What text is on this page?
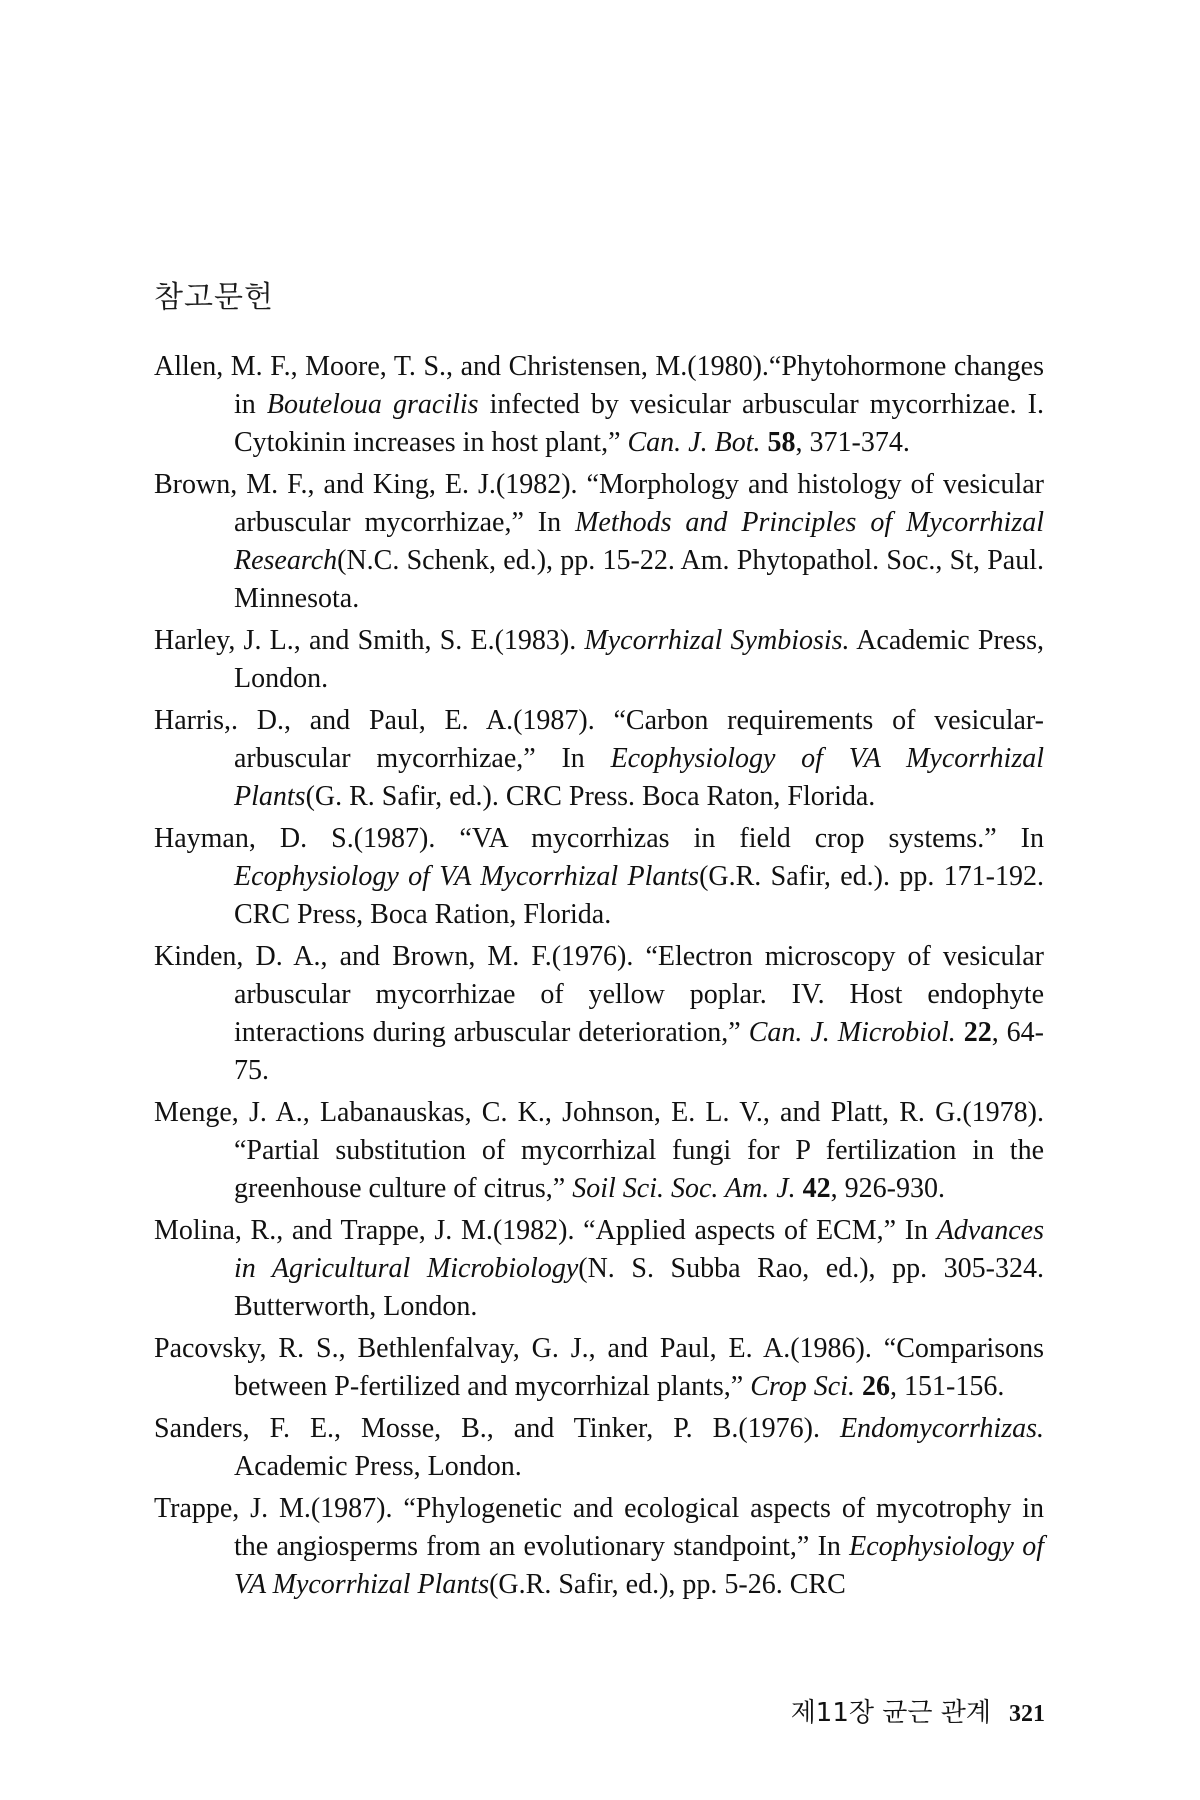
참고문헌

Allen, M. F., Moore, T. S., and Christensen, M.(1980).“Phytohormone changes in Bouteloua gracilis infected by vesicular arbuscular mycorrhizae. I. Cytokinin increases in host plant,” Can. J. Bot. 58, 371-374.

Brown, M. F., and King, E. J.(1982). “Morphology and histology of vesicular arbuscular mycorrhizae,” In Methods and Principles of Mycorrhizal Research(N.C. Schenk, ed.), pp. 15-22. Am. Phytopathol. Soc., St, Paul. Minnesota.

Harley, J. L., and Smith, S. E.(1983). Mycorrhizal Symbiosis. Academic Press, London.

Harris,. D., and Paul, E. A.(1987). “Carbon requirements of vesicular-arbuscular mycorrhizae,” In Ecophysiology of VA Mycorrhizal Plants(G. R. Safir, ed.). CRC Press. Boca Raton, Florida.

Hayman, D. S.(1987). “VA mycorrhizas in field crop systems.” In Ecophysiology of VA Mycorrhizal Plants(G.R. Safir, ed.). pp. 171-192. CRC Press, Boca Ration, Florida.

Kinden, D. A., and Brown, M. F.(1976). “Electron microscopy of vesicular arbuscular mycorrhizae of yellow poplar. IV. Host endophyte interactions during arbuscular deterioration,” Can. J. Microbiol. 22, 64-75.

Menge, J. A., Labanauskas, C. K., Johnson, E. L. V., and Platt, R. G.(1978). “Partial substitution of mycorrhizal fungi for P fertilization in the greenhouse culture of citrus,” Soil Sci. Soc. Am. J. 42, 926-930.

Molina, R., and Trappe, J. M.(1982). “Applied aspects of ECM,” In Advances in Agricultural Microbiology(N. S. Subba Rao, ed.), pp. 305-324. Butterworth, London.

Pacovsky, R. S., Bethlenfalvay, G. J., and Paul, E. A.(1986). “Comparisons between P-fertilized and mycorrhizal plants,” Crop Sci. 26, 151-156.

Sanders, F. E., Mosse, B., and Tinker, P. B.(1976). Endomycorrhizas. Academic Press, London.

Trappe, J. M.(1987). “Phylogenetic and ecological aspects of mycotrophy in the angiosperms from an evolutionary standpoint,” In Ecophysiology of VA Mycorrhizal Plants(G.R. Safir, ed.), pp. 5-26. CRC

제11장 균근 관계 321
